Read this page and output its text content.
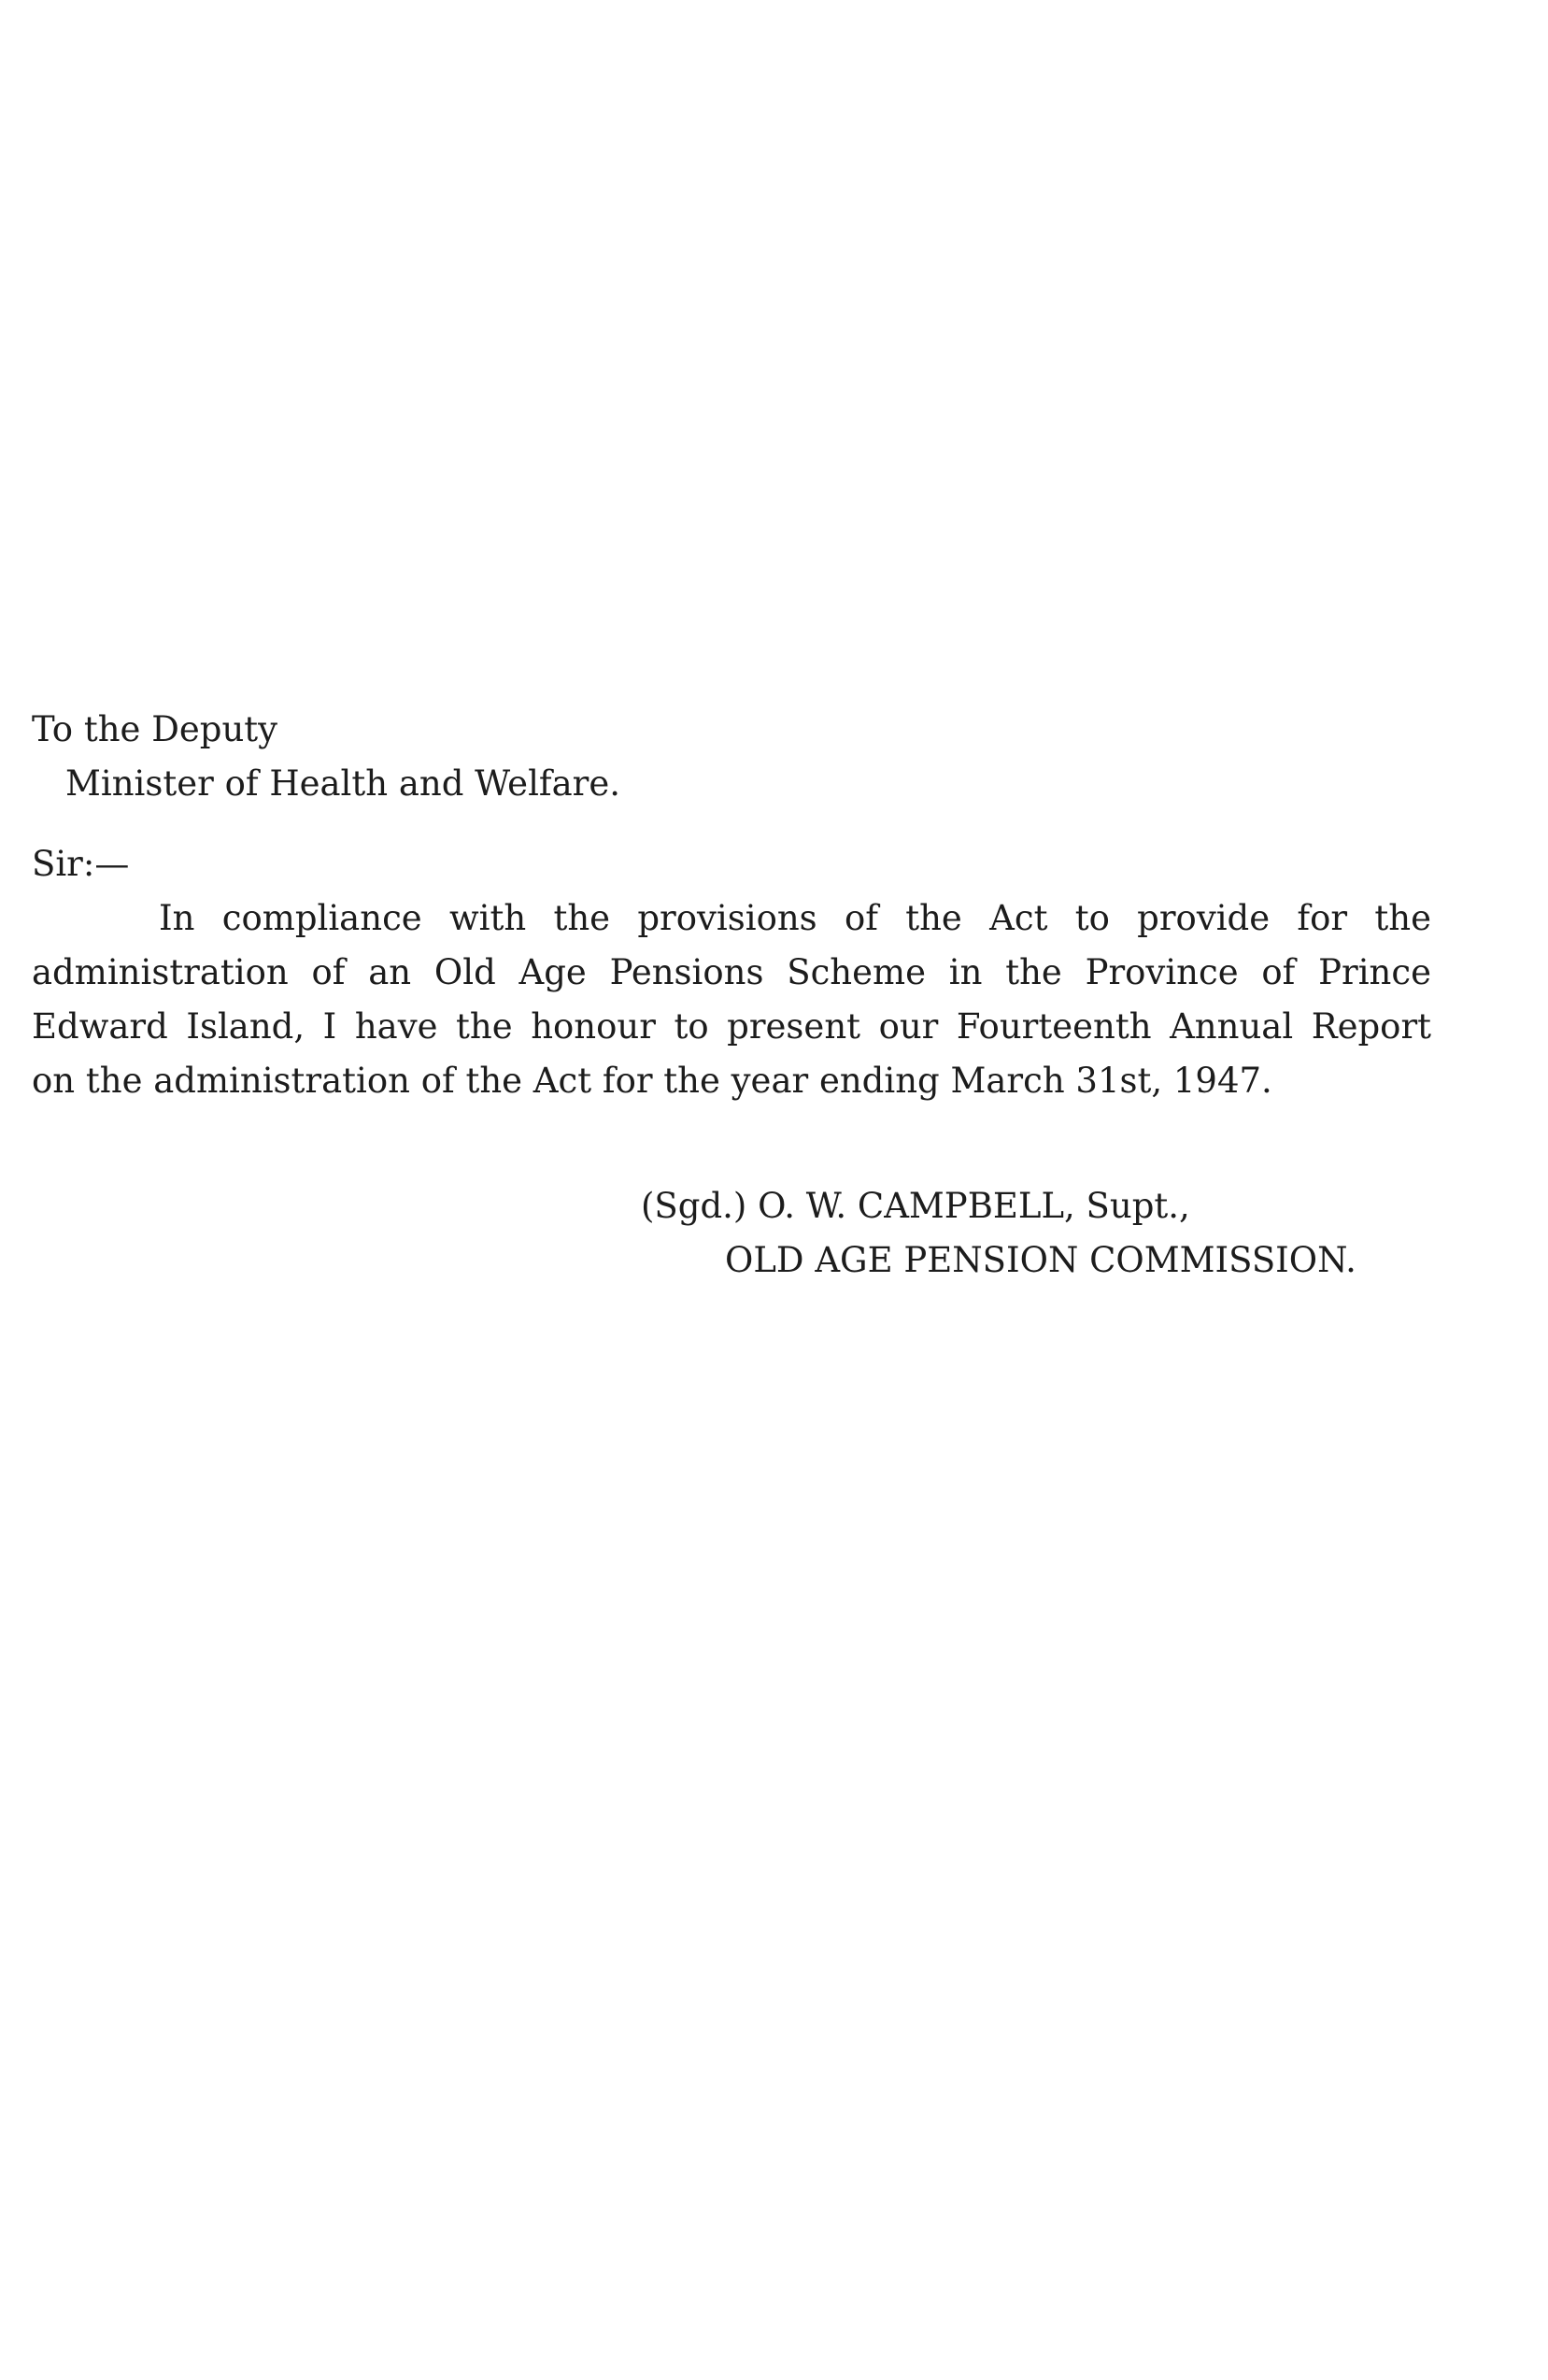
To the Deputy
Minister of Health and Welfare.
Sir:—
In compliance with the provisions of the Act to provide for the
administration of an Old Age Pensions Scheme in the Province of Prince
Edward Island, I have the honour to present our Fourteenth Annual Report
on the administration of the Act for the year ending March 31st, 1947.
(Sgd.) O. W. CAMPBELL, Supt.,
OLD AGE PENSION COMMISSION.
